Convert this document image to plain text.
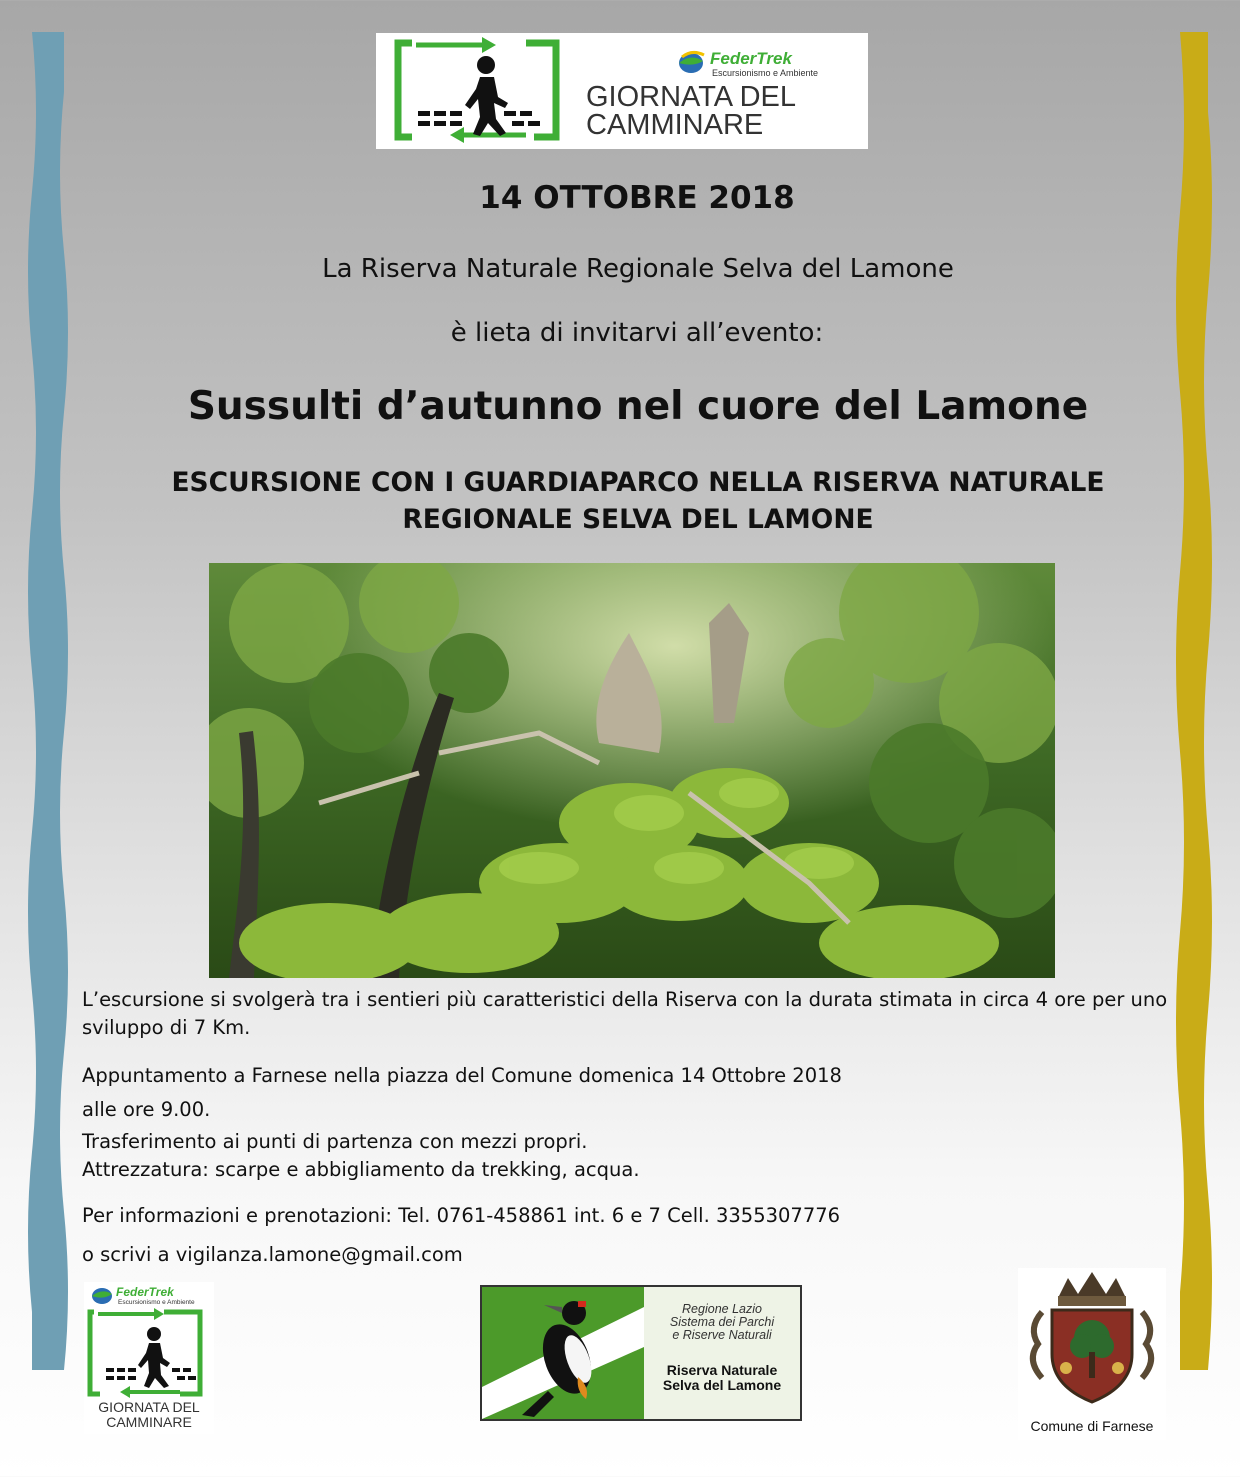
FederTrek
Escursionismo e Ambiente
GIORNATA DEL
CAMMINARE
14 OTTOBRE 2018
La Riserva Naturale Regionale Selva del Lamone
è lieta di invitarvi all’evento:
Sussulti d’autunno nel cuore del Lamone
ESCURSIONE CON I GUARDIAPARCO NELLA RISERVA NATURALE
REGIONALE SELVA DEL LAMONE
L’escursione si svolgerà tra i sentieri più caratteristici della Riserva con la durata stimata in circa 4 ore per uno sviluppo di 7 Km.
Appuntamento a Farnese nella piazza del Comune domenica 14 Ottobre 2018
alle ore 9.00.
Trasferimento ai punti di partenza con mezzi propri.
Attrezzatura: scarpe e abbigliamento da trekking, acqua.
Per informazioni e prenotazioni: Tel. 0761-458861 int. 6 e 7 Cell. 3355307776
o scrivi a vigilanza.lamone@gmail.com
FederTrek
Escursionismo e Ambiente
GIORNATA DEL
CAMMINARE
Regione Lazio
Sistema dei Parchi
e Riserve Naturali
Riserva Naturale
Selva del Lamone
Comune di Farnese
